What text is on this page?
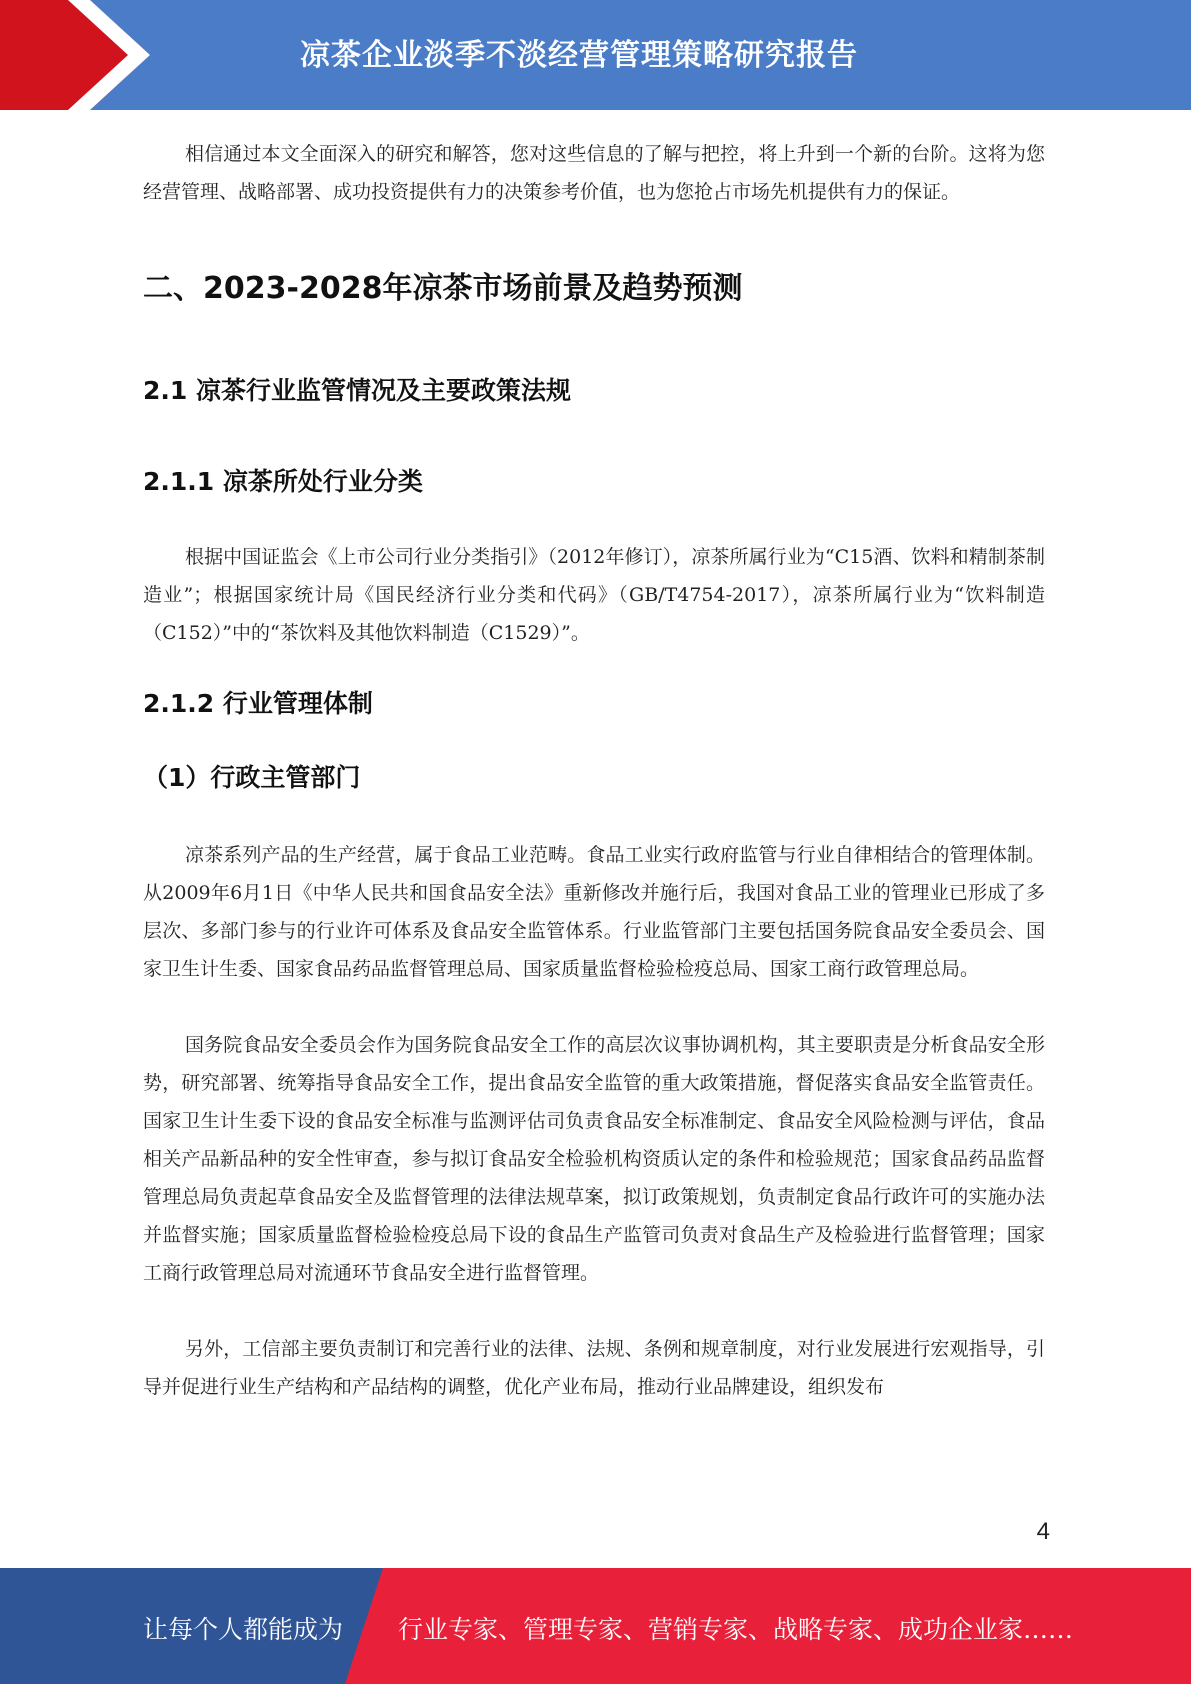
凉茶企业淡季不淡经营管理策略研究报告

相信通过本文全面深入的研究和解答，您对这些信息的了解与把控，将上升到一个新的台阶。这将为您经营管理、战略部署、成功投资提供有力的决策参考价值，也为您抢占市场先机提供有力的保证。

二、2023-2028年凉茶市场前景及趋势预测
2.1 凉茶行业监管情况及主要政策法规
2.1.1 凉茶所处行业分类

根据中国证监会《上市公司行业分类指引》（2012年修订），凉茶所属行业为“C15酒、饮料和精制茶制造业”；根据国家统计局《国民经济行业分类和代码》（GB/T4754-2017），凉茶所属行业为“饮料制造（C152）”中的“茶饮料及其他饮料制造（C1529）”。

2.1.2 行业管理体制
（1）行政主管部门

凉茶系列产品的生产经营，属于食品工业范畴。食品工业实行政府监管与行业自律相结合的管理体制。从2009年6月1日《中华人民共和国食品安全法》重新修改并施行后，我国对食品工业的管理业已形成了多层次、多部门参与的行业许可体系及食品安全监管体系。行业监管部门主要包括国务院食品安全委员会、国家卫生计生委、国家食品药品监督管理总局、国家质量监督检验检疫总局、国家工商行政管理总局。

国务院食品安全委员会作为国务院食品安全工作的高层次议事协调机构，其主要职责是分析食品安全形势，研究部署、统筹指导食品安全工作，提出食品安全监管的重大政策措施，督促落实食品安全监管责任。国家卫生计生委下设的食品安全标准与监测评估司负责食品安全标准制定、食品安全风险检测与评估，食品相关产品新品种的安全性审查，参与拟订食品安全检验机构资质认定的条件和检验规范；国家食品药品监督管理总局负责起草食品安全及监督管理的法律法规草案，拟订政策规划，负责制定食品行政许可的实施办法并监督实施；国家质量监督检验检疫总局下设的食品生产监管司负责对食品生产及检验进行监督管理；国家工商行政管理总局对流通环节食品安全进行监督管理。

另外，工信部主要负责制订和完善行业的法律、法规、条例和规章制度，对行业发展进行宏观指导，引导并促进行业生产结构和产品结构的调整，优化产业布局，推动行业品牌建设，组织发布

4
让每个人都能成为 行业专家、管理专家、营销专家、战略专家、成功企业家……
